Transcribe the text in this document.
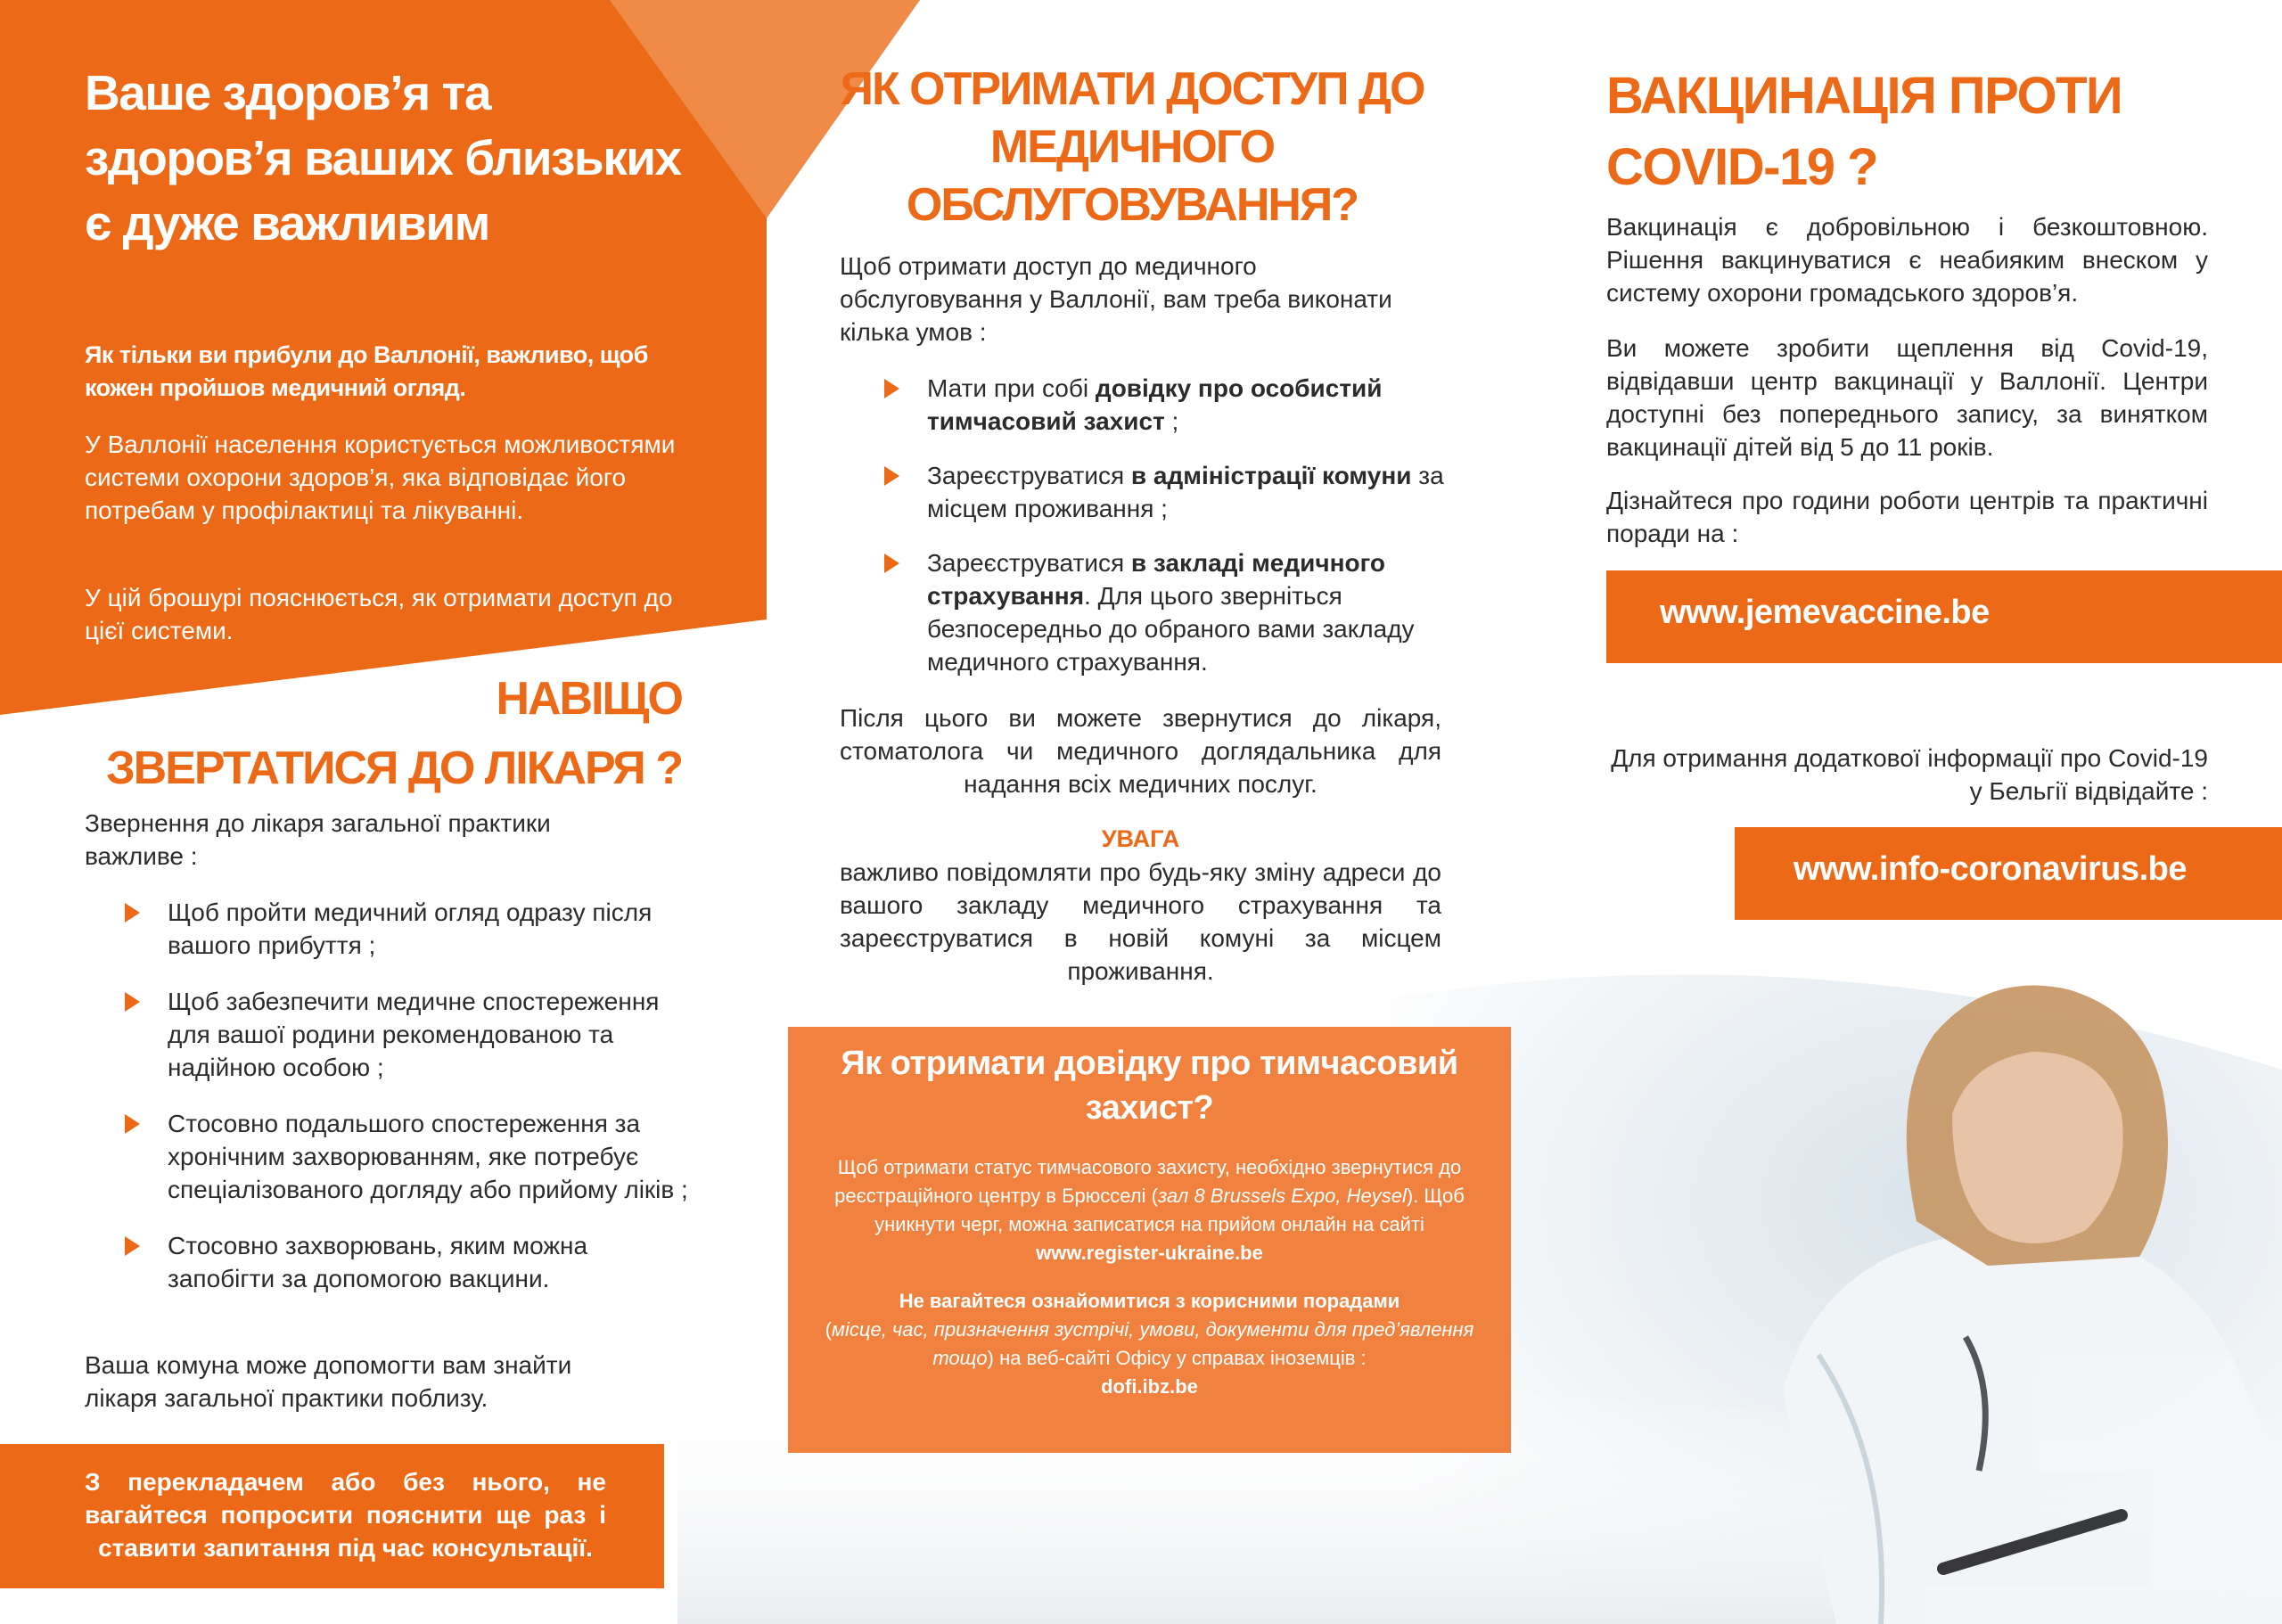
Ваше здоров’я та здоров’я ваших близьких є дуже важливим
Як тільки ви прибули до Валлонії, важливо, щоб кожен пройшов медичний огляд.
У Валлонії населення користується можливостями системи охорони здоров’я, яка відповідає його потребам у профілактиці та лікуванні.
У цій брошурі пояснюється, як отримати доступ до цієї системи.
НАВІЩО
ЗВЕРТАТИСЯ ДО ЛІКАРЯ ?
Звернення до лікаря загальної практики важливе :
Щоб пройти медичний огляд одразу після вашого прибуття ;
Щоб забезпечити медичне спостереження для вашої родини рекомендованою та надійною особою ;
Стосовно подальшого спостереження за хронічним захворюванням, яке потребує спеціалізованого догляду або прийому ліків ;
Стосовно захворювань, яким можна запобігти за допомогою вакцини.
Ваша комуна може допомогти вам знайти лікаря загальної практики поблизу.
З перекладачем або без нього, не вагайтеся попросити пояснити ще раз і ставити запитання під час консультації.
ЯК ОТРИМАТИ ДОСТУП ДО МЕДИЧНОГО ОБСЛУГОВУВАННЯ?
Щоб отримати доступ до медичного обслуговування у Валлонії, вам треба виконати кілька умов :
Мати при собі довідку про особистий тимчасовий захист ;
Зареєструватися в адміністрації комуни за місцем проживання ;
Зареєструватися в закладі медичного страхування. Для цього зверніться безпосередньо до обраного вами закладу медичного страхування.
Після цього ви можете звернутися до лікаря, стоматолога чи медичного доглядальника для надання всіх медичних послуг.
УВАГА
важливо повідомляти про будь-яку зміну адреси до вашого закладу медичного страхування та зареєструватися в новій комуні за місцем проживання.
Як отримати довідку про тимчасовий захист?

Щоб отримати статус тимчасового захисту, необхідно звернутися до реєстраційного центру в Брюсселі (зал 8 Brussels Expo, Heysel). Щоб уникнути черг, можна записатися на прийом онлайн на сайті
www.register-ukraine.be

Не вагайтеся ознайомитися з корисними порадами
(місце, час, призначення зустрічі, умови, документи для пред’явлення тощо) на веб-сайті Офісу у справах іноземців :
dofi.ibz.be

ВАКЦИНАЦІЯ ПРОТИ COVID-19 ?
Вакцинація є добровільною і безкоштовною. Рішення вакцинуватися є неабияким внеском у систему охорони громадського здоров’я.
Ви можете зробити щеплення від Covid-19, відвідавши центр вакцинації у Валлонії. Центри доступні без попереднього запису, за винятком вакцинації дітей від 5 до 11 років.
Дізнайтеся про години роботи центрів та практичні поради на :
www.jemevaccine.be
Для отримання додаткової інформації про Covid-19 у Бельгії відвідайте :
www.info-coronavirus.be
